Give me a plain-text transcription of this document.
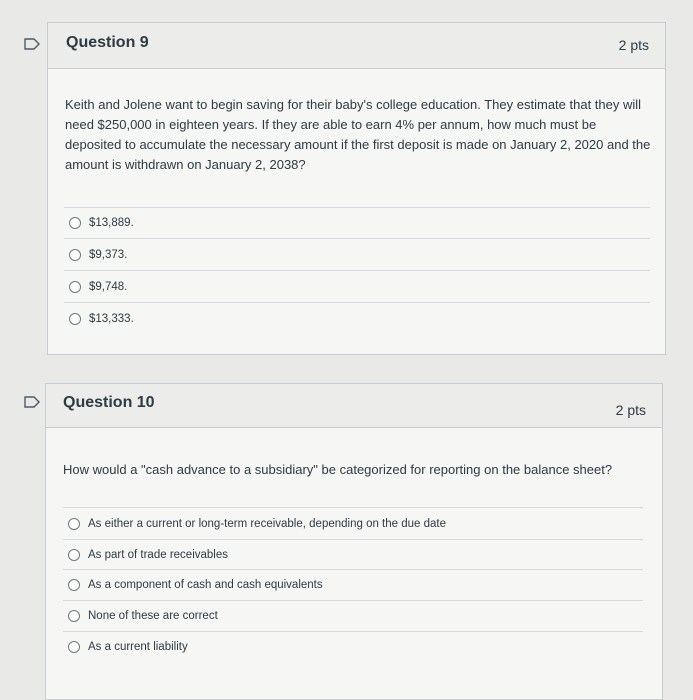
Question 9	2 pts
Keith and Jolene want to begin saving for their baby's college education. They estimate that they will need $250,000 in eighteen years. If they are able to earn 4% per annum, how much must be deposited to accumulate the necessary amount if the first deposit is made on January 2, 2020 and the amount is withdrawn on January 2, 2038?
$13,889.
$9,373.
$9,748.
$13,333.
Question 10	2 pts
How would a "cash advance to a subsidiary" be categorized for reporting on the balance sheet?
As either a current or long-term receivable, depending on the due date
As part of trade receivables
As a component of cash and cash equivalents
None of these are correct
As a current liability
